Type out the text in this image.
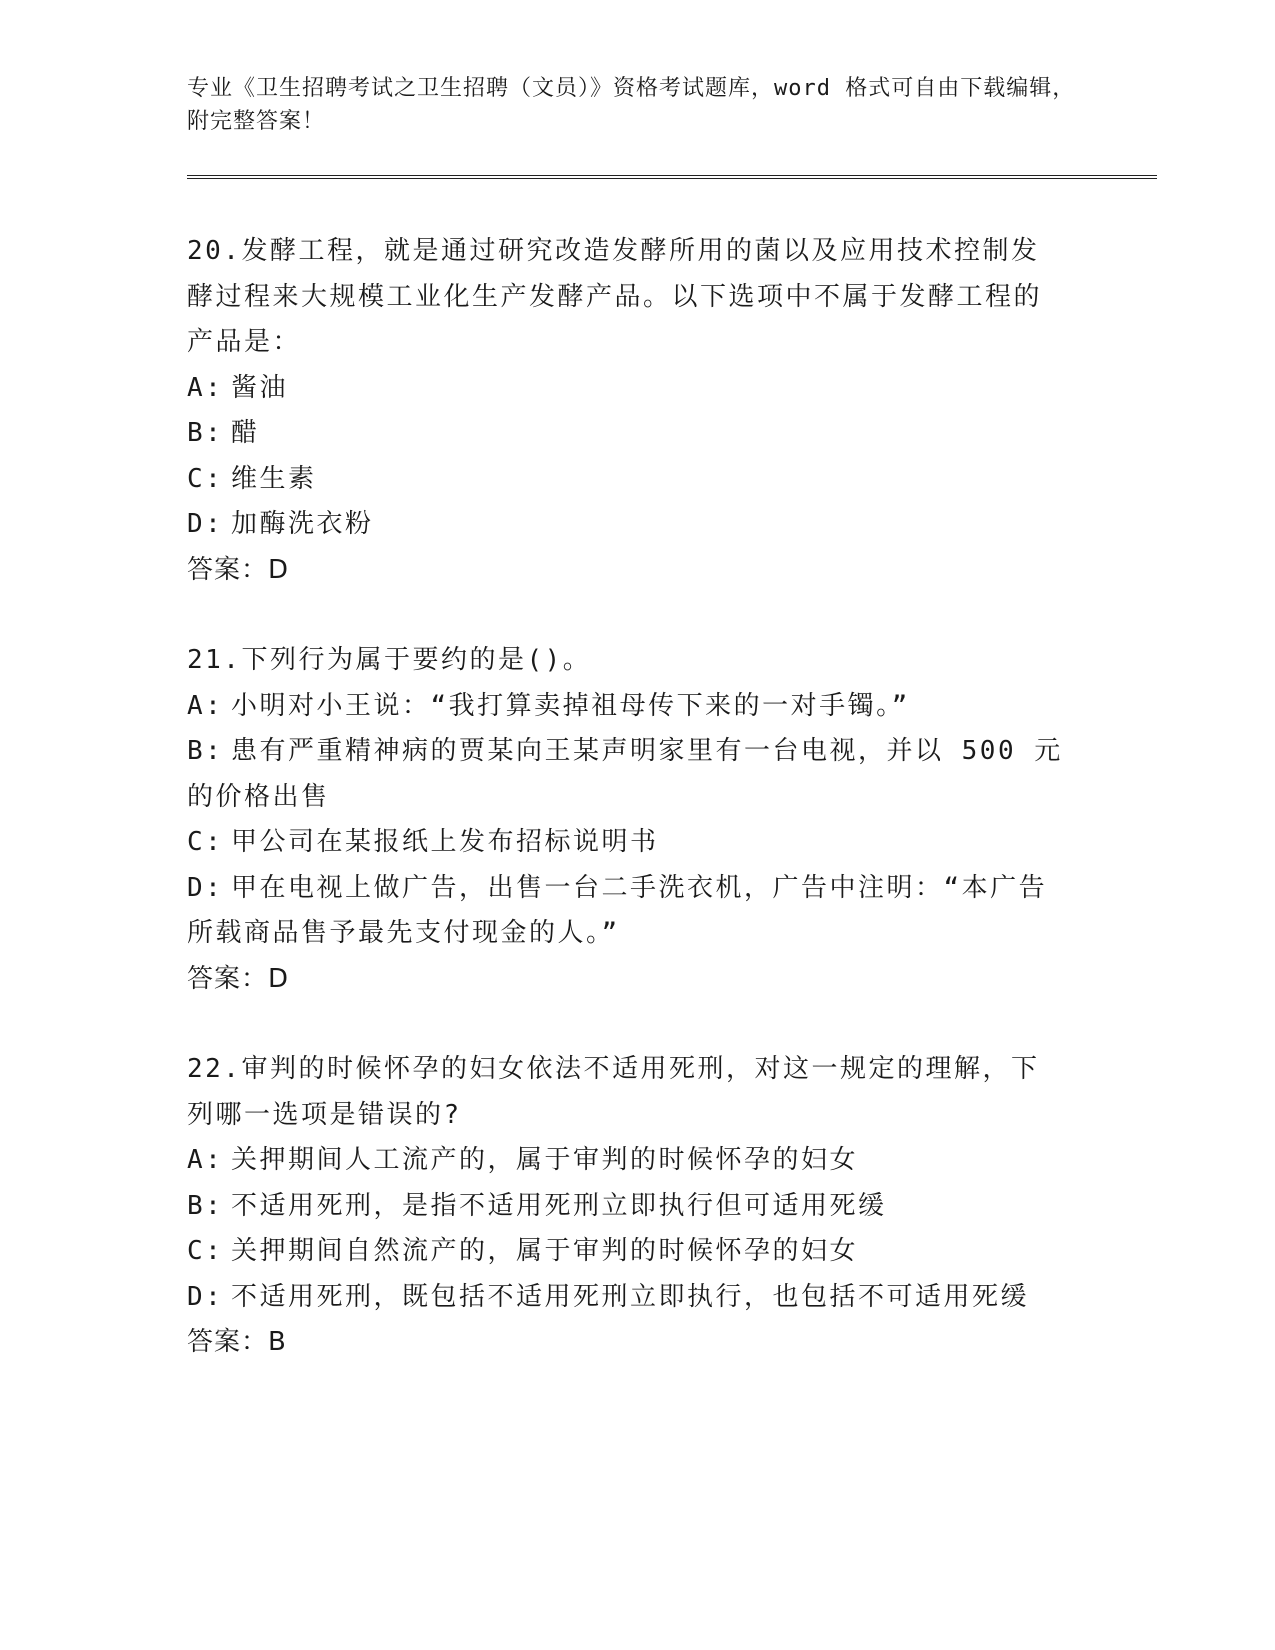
专业《卫生招聘考试之卫生招聘（文员）》资格考试题库，word 格式可自由下载编辑，附完整答案！
20.发酵工程，就是通过研究改造发酵所用的菌以及应用技术控制发酵过程来大规模工业化生产发酵产品。以下选项中不属于发酵工程的产品是：
A: 酱油
B: 醋
C: 维生素
D: 加酶洗衣粉
答案：D
21.下列行为属于要约的是()。
A: 小明对小王说：“我打算卖掉祖母传下来的一对手镯。”
B: 患有严重精神病的贾某向王某声明家里有一台电视，并以 500 元的价格出售
C: 甲公司在某报纸上发布招标说明书
D: 甲在电视上做广告，出售一台二手洗衣机，广告中注明：“本广告所载商品售予最先支付现金的人。”
答案：D
22.审判的时候怀孕的妇女依法不适用死刑，对这一规定的理解，下列哪一选项是错误的?
A: 关押期间人工流产的，属于审判的时候怀孕的妇女
B: 不适用死刑，是指不适用死刑立即执行但可适用死缓
C: 关押期间自然流产的，属于审判的时候怀孕的妇女
D: 不适用死刑，既包括不适用死刑立即执行，也包括不可适用死缓
答案：B
